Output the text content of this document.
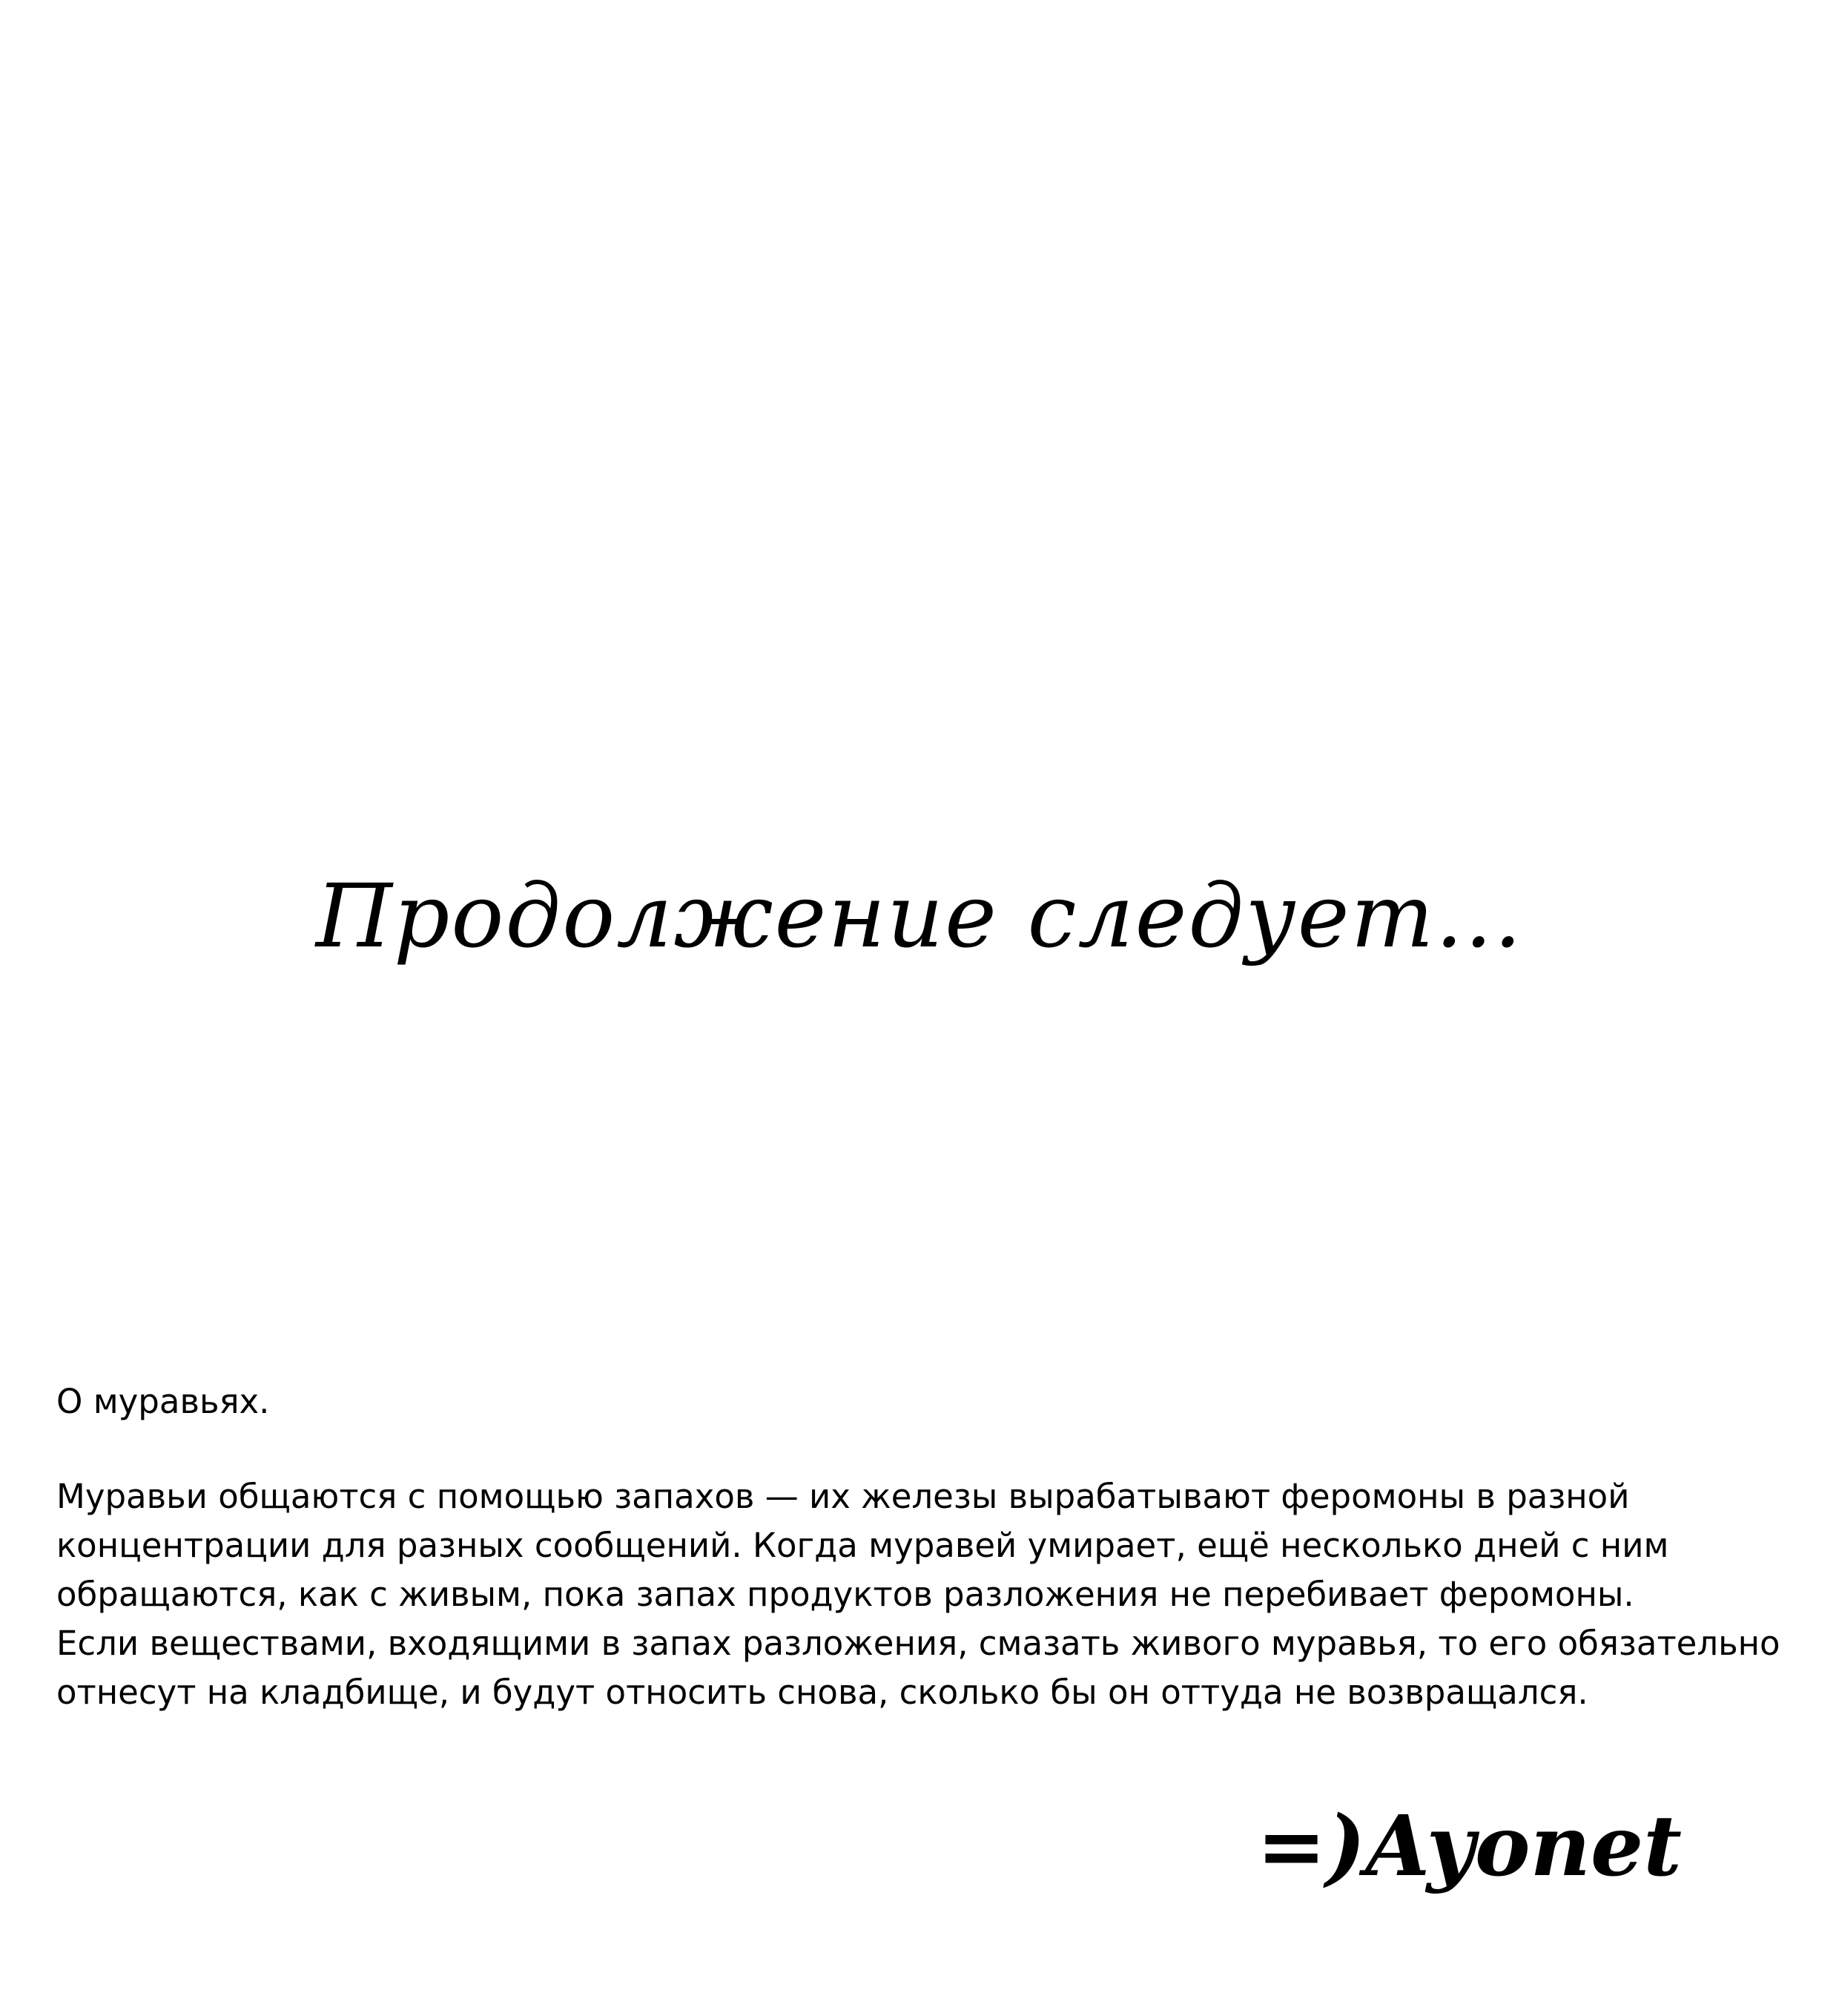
Продолжение следует...
О муравьях.
Муравьи общаются с помощью запахов — их железы вырабатывают феромоны в разной
концентрации для разных сообщений. Когда муравей умирает, ещё несколько дней с ним
обращаются, как с живым, пока запах продуктов разложения не перебивает феромоны.
Если веществами, входящими в запах разложения, смазать живого муравья, то его обязательно
отнесут на кладбище, и будут относить снова, сколько бы он оттуда не возвращался.
=)Ayonet
